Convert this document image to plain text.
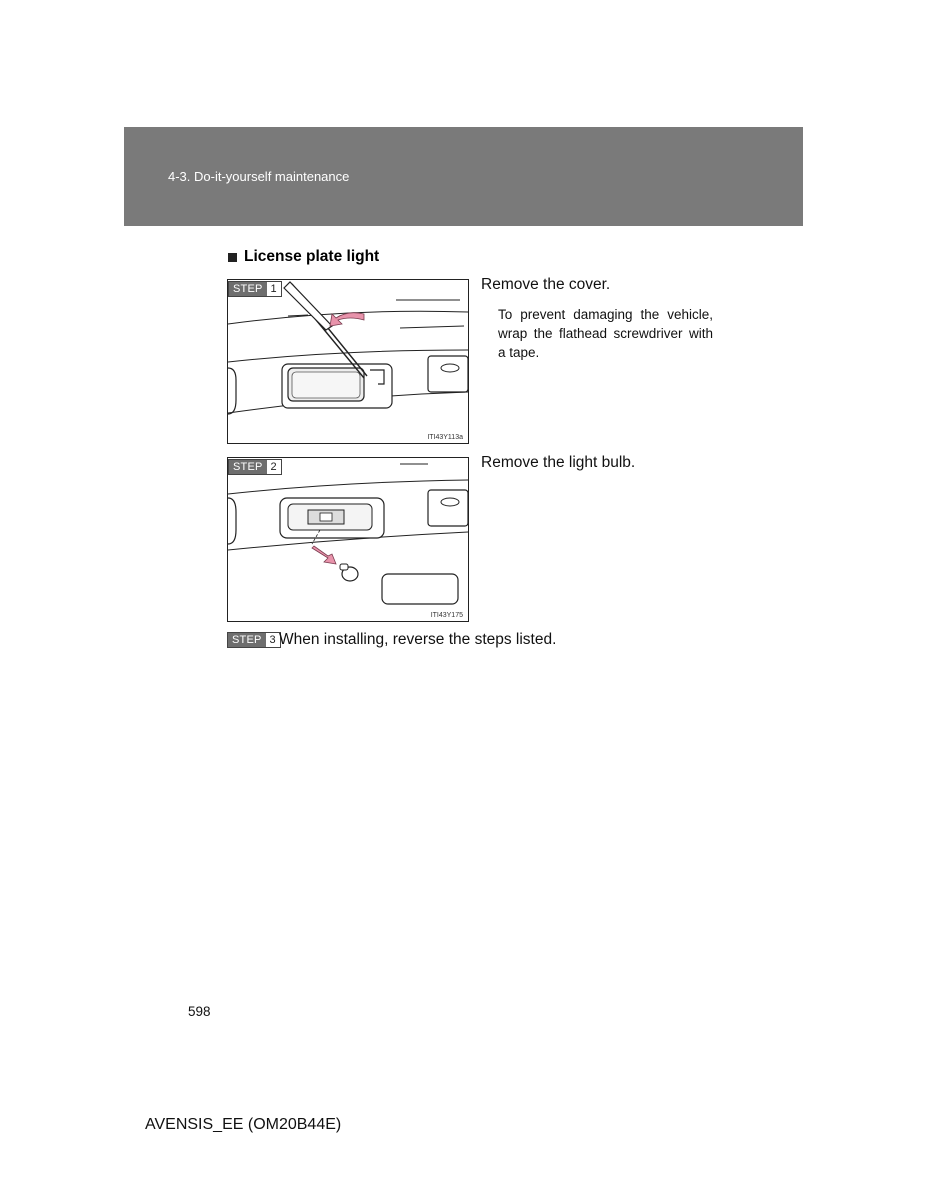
4-3. Do-it-yourself maintenance
License plate light
STEP 1
ITI43Y113a
Remove the cover.
To prevent damaging the vehicle, wrap the flathead screwdriver with a tape.
STEP 2
ITI43Y175
Remove the light bulb.
STEP 3 When installing, reverse the steps listed.
598
AVENSIS_EE (OM20B44E)
